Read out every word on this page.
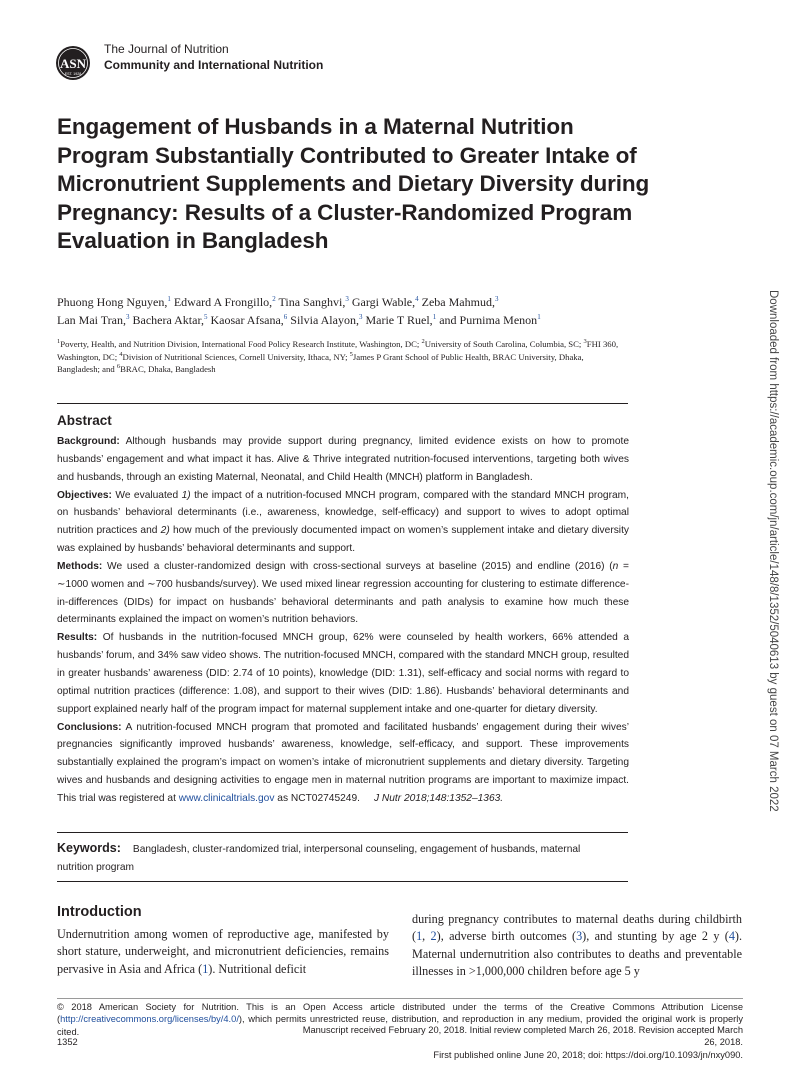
ASN
EST. 1928
The Journal of Nutrition
Community and International Nutrition
Engagement of Husbands in a Maternal Nutrition Program Substantially Contributed to Greater Intake of Micronutrient Supplements and Dietary Diversity during Pregnancy: Results of a Cluster-Randomized Program Evaluation in Bangladesh
Phuong Hong Nguyen,$^1$ Edward A Frongillo,$^2$ Tina Sanghvi,$^3$ Gargi Wable,$^4$ Zeba Mahmud,$^3$
Lan Mai Tran,$^3$ Bachera Aktar,$^5$ Kaosar Afsana,$^6$ Silvia Alayon,$^3$ Marie T Ruel,$^1$ and Purnima Menon$^1$
$^1$Poverty, Health, and Nutrition Division, International Food Policy Research Institute, Washington, DC; $^2$University of South Carolina, Columbia, SC; $^3$FHI 360, Washington, DC; $^4$Division of Nutritional Sciences, Cornell University, Ithaca, NY; $^5$James P Grant School of Public Health, BRAC University, Dhaka, Bangladesh; and $^6$BRAC, Dhaka, Bangladesh
Abstract

Background: Although husbands may provide support during pregnancy, limited evidence exists on how to promote husbands’ engagement and what impact it has. Alive & Thrive integrated nutrition-focused interventions, targeting both wives and husbands, through an existing Maternal, Neonatal, and Child Health (MNCH) platform in Bangladesh.

Objectives: We evaluated 1) the impact of a nutrition-focused MNCH program, compared with the standard MNCH program, on husbands’ behavioral determinants (i.e., awareness, knowledge, self-efficacy) and support to wives to adopt optimal nutrition practices and 2) how much of the previously documented impact on women’s supplement intake and dietary diversity was explained by husbands’ behavioral determinants and support.

Methods: We used a cluster-randomized design with cross-sectional surveys at baseline (2015) and endline (2016) (n = ∼1000 women and ∼700 husbands/survey). We used mixed linear regression accounting for clustering to estimate difference-in-differences (DIDs) for impact on husbands’ behavioral determinants and path analysis to examine how much these determinants explained the impact on women’s nutrition behaviors.

Results: Of husbands in the nutrition-focused MNCH group, 62% were counseled by health workers, 66% attended a husbands’ forum, and 34% saw video shows. The nutrition-focused MNCH, compared with the standard MNCH group, resulted in greater husbands’ awareness (DID: 2.74 of 10 points), knowledge (DID: 1.31), self-efficacy and social norms with regard to optimal nutrition practices (difference: 1.08), and support to their wives (DID: 1.86). Husbands’ behavioral determinants and support explained nearly half of the program impact for maternal supplement intake and one-quarter for dietary diversity.

Conclusions: A nutrition-focused MNCH program that promoted and facilitated husbands’ engagement during their wives’ pregnancies significantly improved husbands’ awareness, knowledge, self-efficacy, and support. These improvements substantially explained the program’s impact on women’s intake of micronutrient supplements and dietary diversity. Targeting wives and husbands and designing activities to engage men in maternal nutrition programs are important to maximize impact. This trial was registered at www.clinicaltrials.gov as NCT02745249. J Nutr 2018;148:1352–1363.

Keywords: Bangladesh, cluster-randomized trial, interpersonal counseling, engagement of husbands, maternal nutrition program
Introduction
Undernutrition among women of reproductive age, manifested by short stature, underweight, and micronutrient deficiencies, remains pervasive in Asia and Africa (1). Nutritional deficit
during pregnancy contributes to maternal deaths during childbirth (1, 2), adverse birth outcomes (3), and stunting by age 2 y (4). Maternal undernutrition also contributes to deaths and preventable illnesses in >1,000,000 children before age 5 y
© 2018 American Society for Nutrition. This is an Open Access article distributed under the terms of the Creative Commons Attribution License (http://creativecommons.org/licenses/by/4.0/), which permits unrestricted reuse, distribution, and reproduction in any medium, provided the original work is properly cited.	Manuscript received February 20, 2018. Initial review completed March 26, 2018. Revision accepted March 26, 2018.
First published online June 20, 2018; doi: https://doi.org/10.1093/jn/nxy090.
1352
Downloaded from https://academic.oup.com/jn/article/148/8/1352/5040613 by guest on 07 March 2022
